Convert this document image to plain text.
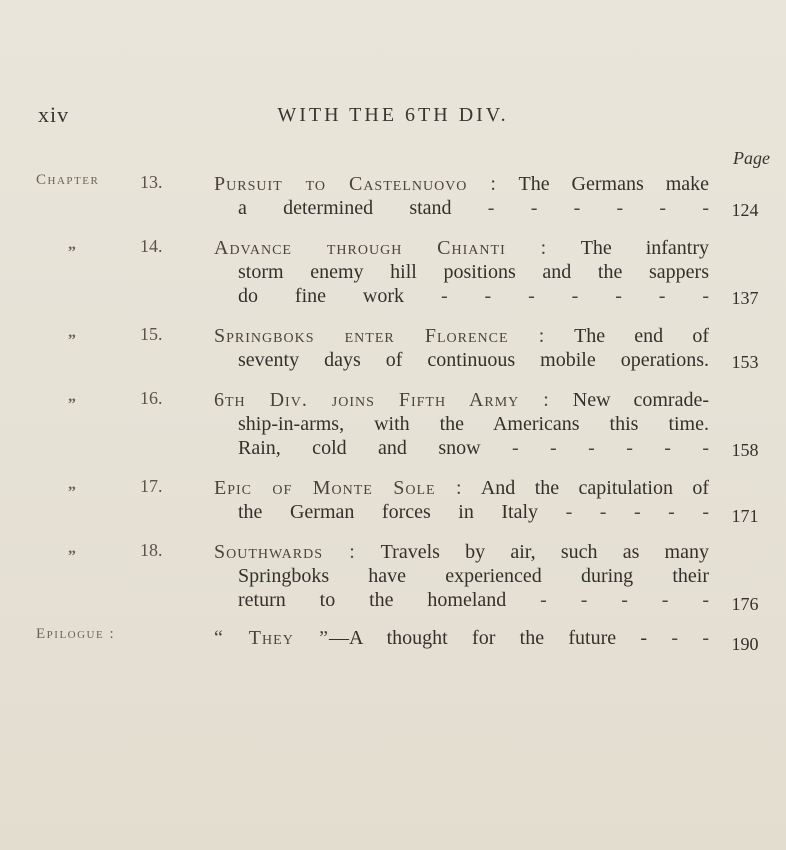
xiv	WITH THE 6TH DIV.
Page
Chapter 13.	Pursuit to Castelnuovo : The Germans make
a determined stand - - - - - -	124
„	14.	Advance through Chianti : The infantry
storm enemy hill positions and the sappers
do fine work - - - - - - -	137
„	15.	Springboks enter Florence : The end of
seventy days of continuous mobile operations.	153
„	16.	6th Div. joins Fifth Army : New comrade-
ship-in-arms, with the Americans this time.
Rain, cold and snow - - - - - -	158
„	17.	Epic of Monte Sole : And the capitulation of
the German forces in Italy - - - - -	171
„	18.	Southwards : Travels by air, such as many
Springboks have experienced during their
return to the homeland - - - - -	176
Epilogue :	“ They ”—A thought for the future - - -	190
